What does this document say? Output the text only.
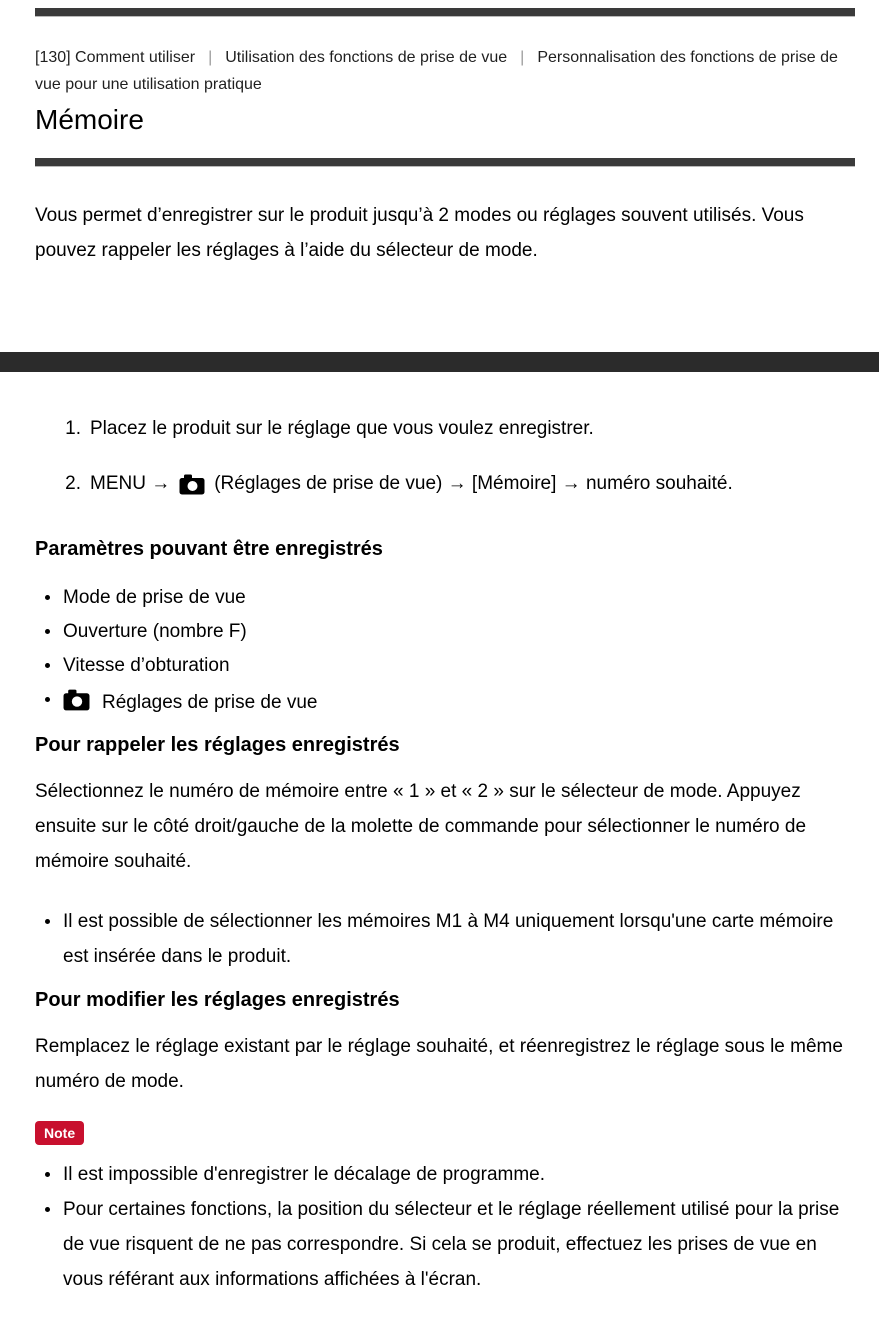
[130] Comment utiliser | Utilisation des fonctions de prise de vue | Personnalisation des fonctions de prise de vue pour une utilisation pratique
Mémoire

Vous permet d’enregistrer sur le produit jusqu’à 2 modes ou réglages souvent utilisés. Vous pouvez rappeler les réglages à l’aide du sélecteur de mode.

1. Placez le produit sur le réglage que vous voulez enregistrer.
2. MENU → (Réglages de prise de vue) → [Mémoire] → numéro souhaité.
Paramètres pouvant être enregistrés
Mode de prise de vue
Ouverture (nombre F)
Vitesse d’obturation
Réglages de prise de vue
Pour rappeler les réglages enregistrés

Sélectionnez le numéro de mémoire entre « 1 » et « 2 » sur le sélecteur de mode. Appuyez ensuite sur le côté droit/gauche de la molette de commande pour sélectionner le numéro de mémoire souhaité.

Il est possible de sélectionner les mémoires M1 à M4 uniquement lorsqu'une carte mémoire est insérée dans le produit.
Pour modifier les réglages enregistrés

Remplacez le réglage existant par le réglage souhaité, et réenregistrez le réglage sous le même numéro de mode.

Note
Il est impossible d'enregistrer le décalage de programme.
Pour certaines fonctions, la position du sélecteur et le réglage réellement utilisé pour la prise de vue risquent de ne pas correspondre. Si cela se produit, effectuez les prises de vue en vous référant aux informations affichées à l'écran.
